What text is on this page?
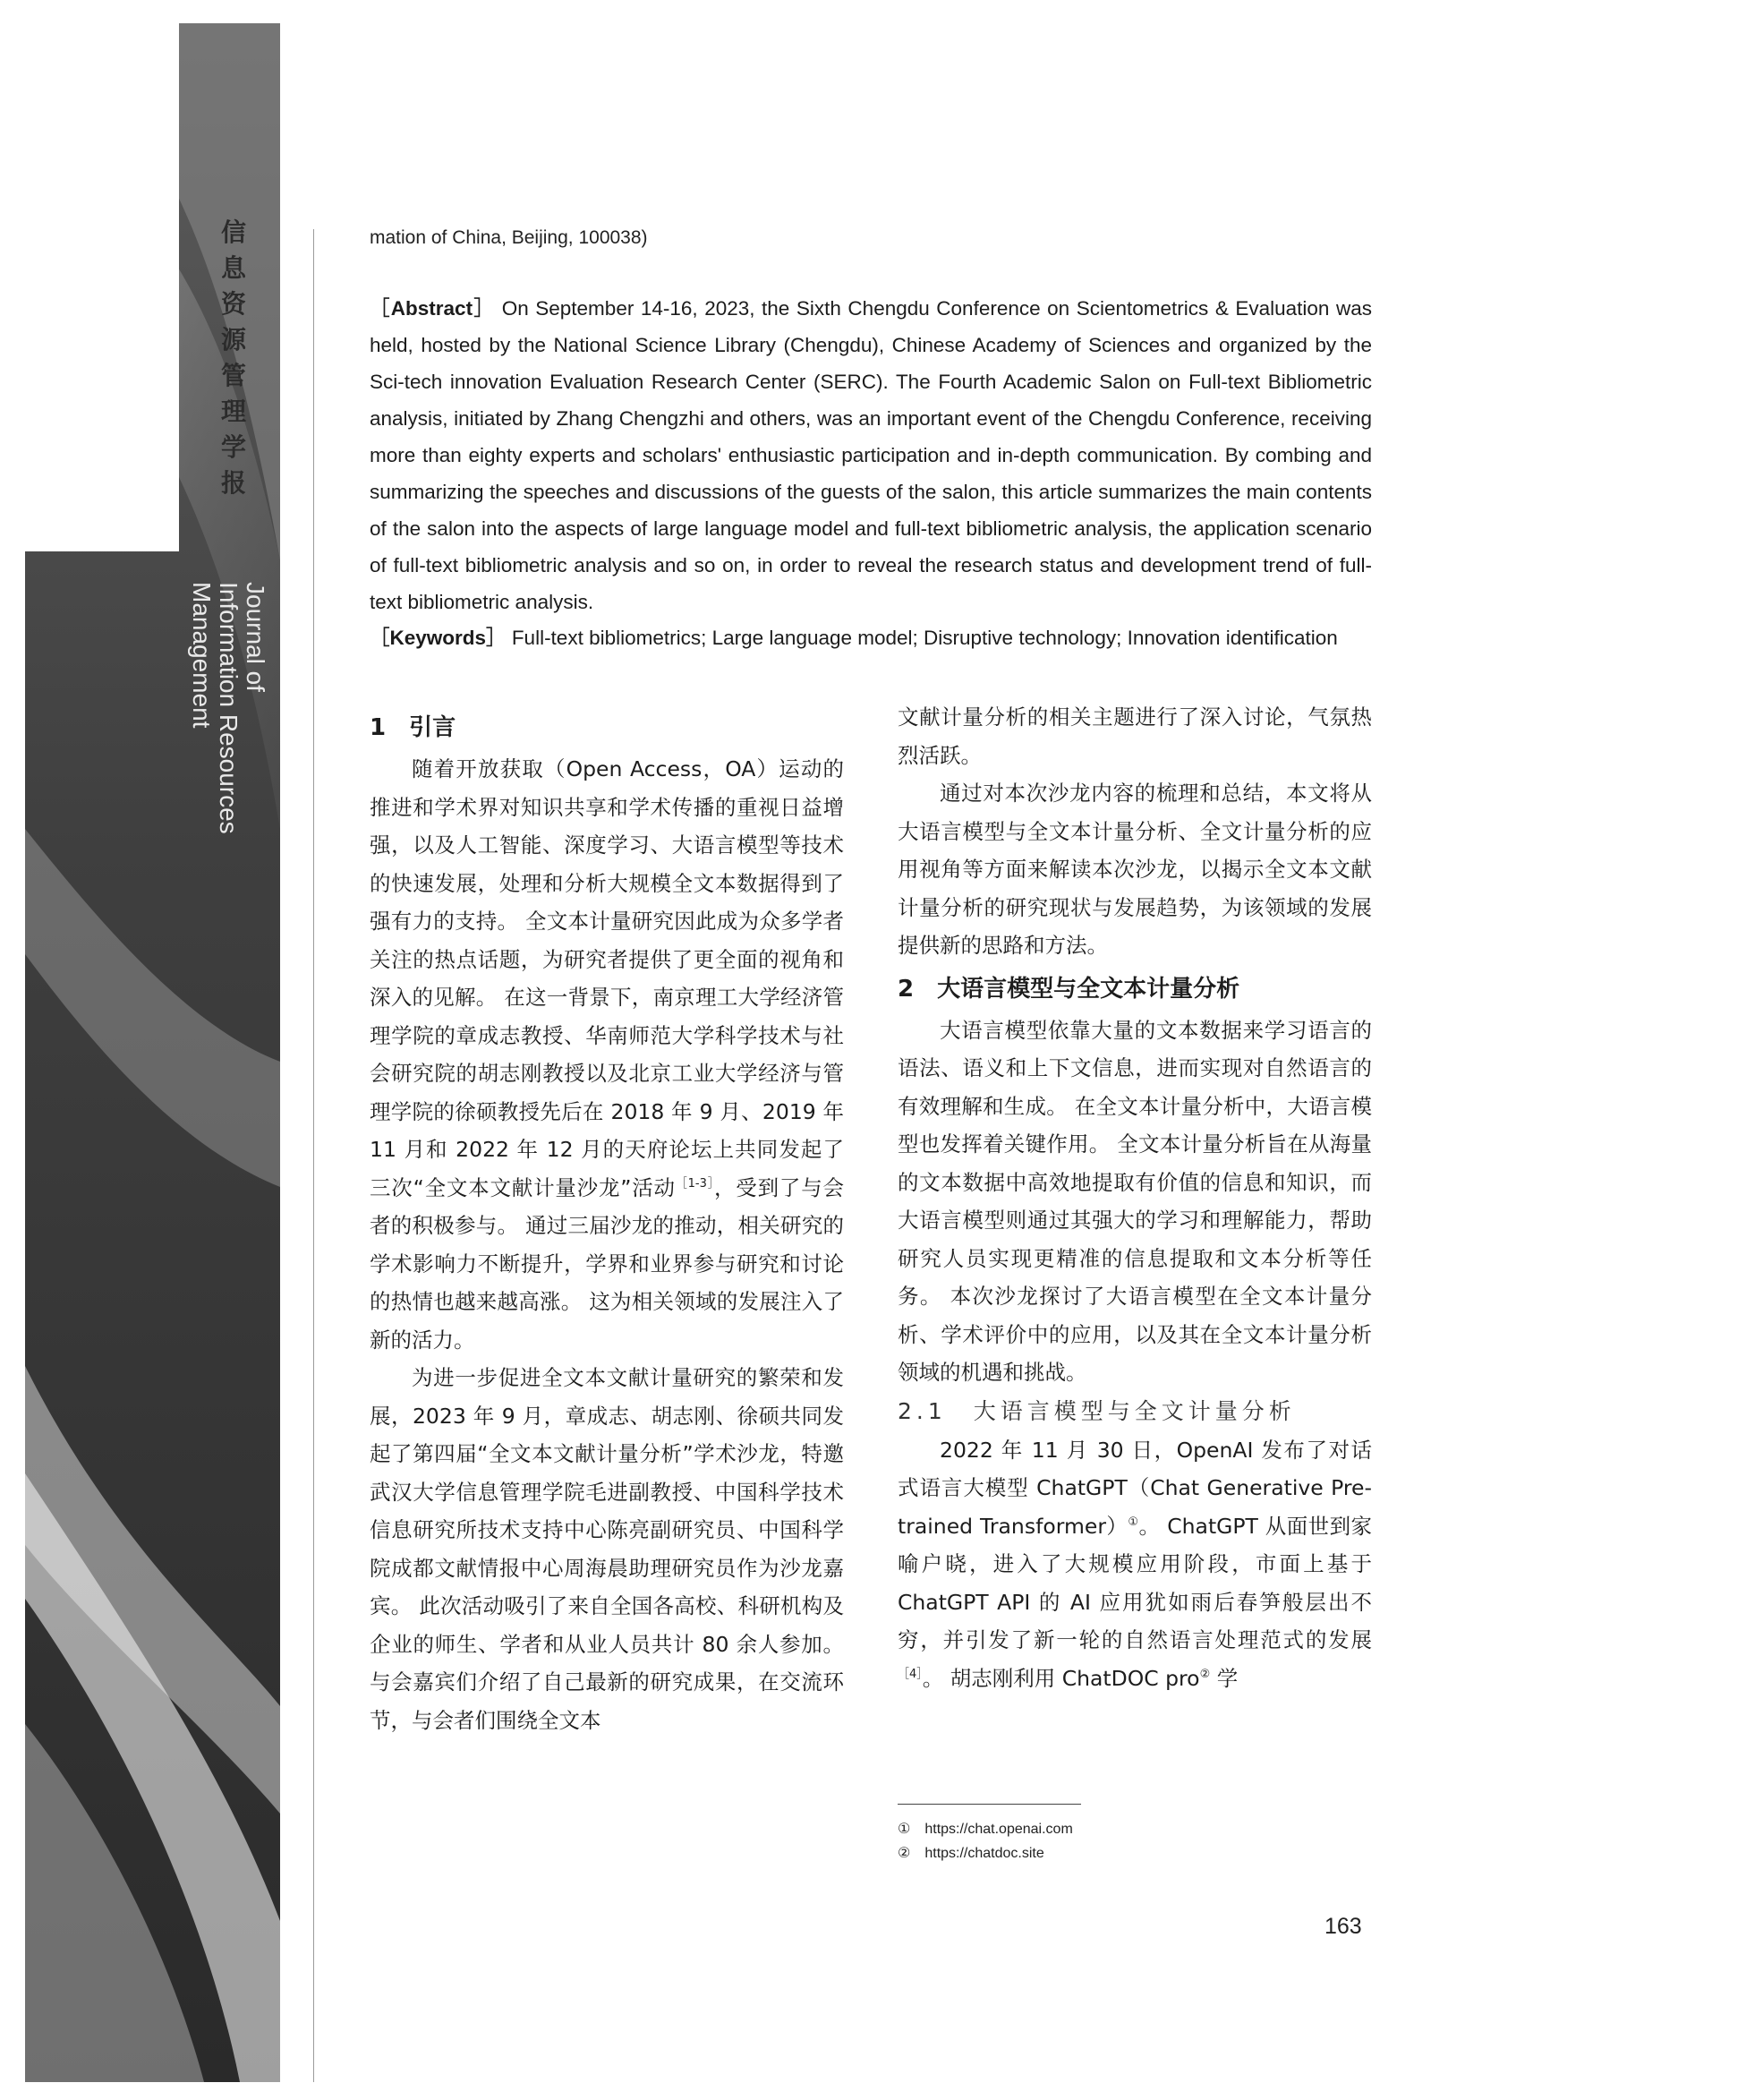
信息资源管理学报
Journal of
Information Resources
Management
mation of China, Beijing, 100038)
［Abstract］ On September 14-16, 2023, the Sixth Chengdu Conference on Scientometrics & Evaluation was held, hosted by the National Science Library (Chengdu), Chinese Academy of Sciences and organized by the Sci-tech innovation Evaluation Research Center (SERC). The Fourth Academic Salon on Full-text Bibliometric analysis, initiated by Zhang Chengzhi and others, was an important event of the Chengdu Conference, receiving more than eighty experts and scholars' enthusiastic participation and in-depth communication. By combing and summarizing the speeches and discussions of the guests of the salon, this article summarizes the main contents of the salon into the aspects of large language model and full-text bibliometric analysis, the application scenario of full-text bibliometric analysis and so on, in order to reveal the research status and development trend of full-text bibliometric analysis.
［Keywords］ Full-text bibliometrics; Large language model; Disruptive technology; Innovation identification
1　引言

随着开放获取（Open Access，OA）运动的推进和学术界对知识共享和学术传播的重视日益增强，以及人工智能、深度学习、大语言模型等技术的快速发展，处理和分析大规模全文本数据得到了强有力的支持。 全文本计量研究因此成为众多学者关注的热点话题，为研究者提供了更全面的视角和深入的见解。 在这一背景下，南京理工大学经济管理学院的章成志教授、华南师范大学科学技术与社会研究院的胡志刚教授以及北京工业大学经济与管理学院的徐硕教授先后在 2018 年 9 月、2019 年 11 月和 2022 年 12 月的天府论坛上共同发起了三次“全文本文献计量沙龙”活动$^{[1-3]}$，受到了与会者的积极参与。 通过三届沙龙的推动，相关研究的学术影响力不断提升，学界和业界参与研究和讨论的热情也越来越高涨。 这为相关领域的发展注入了新的活力。

为进一步促进全文本文献计量研究的繁荣和发展，2023 年 9 月，章成志、胡志刚、徐硕共同发起了第四届“全文本文献计量分析”学术沙龙，特邀武汉大学信息管理学院毛进副教授、中国科学技术信息研究所技术支持中心陈亮副研究员、中国科学院成都文献情报中心周海晨助理研究员作为沙龙嘉宾。 此次活动吸引了来自全国各高校、科研机构及企业的师生、学者和从业人员共计 80 余人参加。 与会嘉宾们介绍了自己最新的研究成果，在交流环节，与会者们围绕全文本

文献计量分析的相关主题进行了深入讨论，气氛热烈活跃。

通过对本次沙龙内容的梳理和总结，本文将从大语言模型与全文本计量分析、全文计量分析的应用视角等方面来解读本次沙龙，以揭示全文本文献计量分析的研究现状与发展趋势，为该领域的发展提供新的思路和方法。

2　大语言模型与全文本计量分析

大语言模型依靠大量的文本数据来学习语言的语法、语义和上下文信息，进而实现对自然语言的有效理解和生成。 在全文本计量分析中，大语言模型也发挥着关键作用。 全文本计量分析旨在从海量的文本数据中高效地提取有价值的信息和知识，而大语言模型则通过其强大的学习和理解能力，帮助研究人员实现更精准的信息提取和文本分析等任务。 本次沙龙探讨了大语言模型在全文本计量分析、学术评价中的应用，以及其在全文本计量分析领域的机遇和挑战。

2.1　大语言模型与全文计量分析

2022 年 11 月 30 日，OpenAI 发布了对话式语言大模型 ChatGPT（Chat Generative Pre-trained Transformer）①。 ChatGPT 从面世到家喻户晓，进入了大规模应用阶段，市面上基于 ChatGPT API 的 AI 应用犹如雨后春笋般层出不穷，并引发了新一轮的自然语言处理范式的发展$^{[4]}$。 胡志刚利用 ChatDOC pro② 学

①　https://chat.openai.com
②　https://chatdoc.site
163
